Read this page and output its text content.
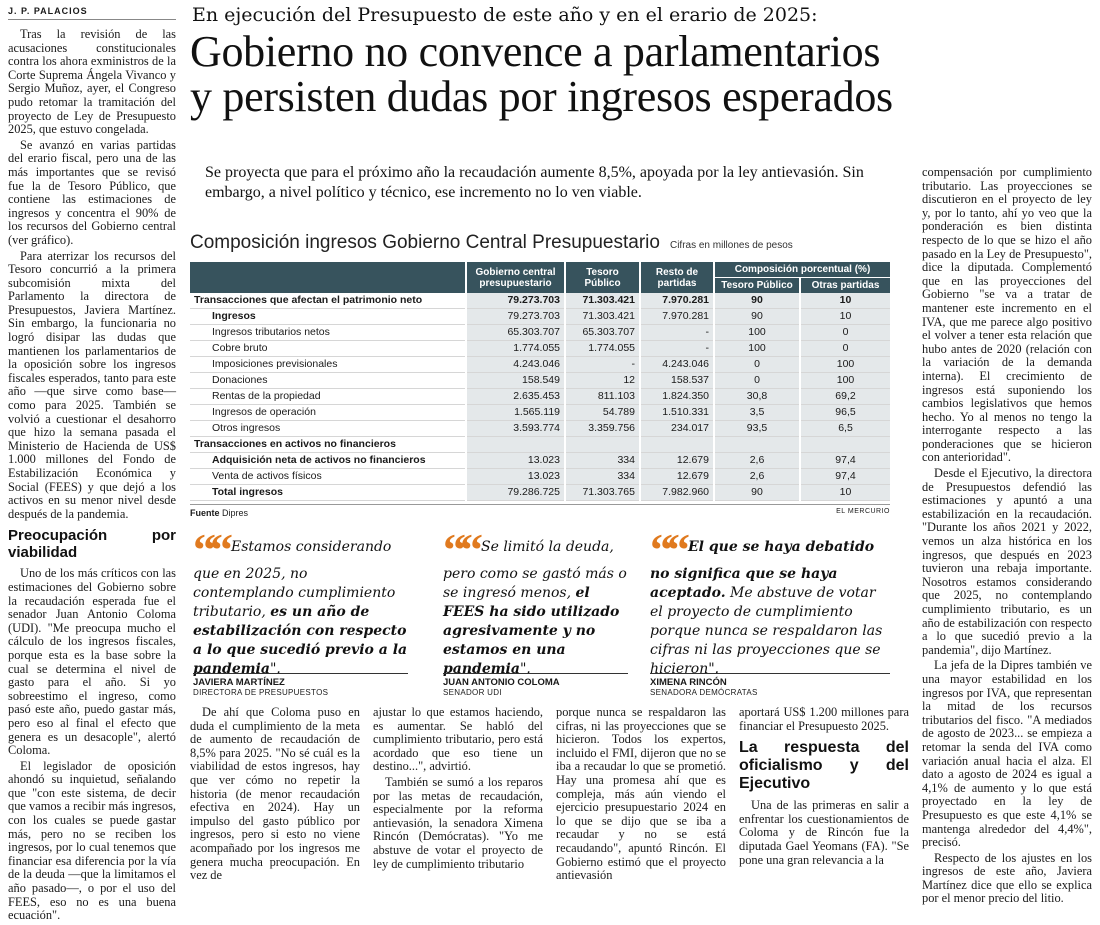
J. P. PALACIOS

Tras la revisión de las acusaciones constitucionales contra los ahora exministros de la Corte Suprema Ángela Vivanco y Sergio Muñoz, ayer, el Congreso pudo retomar la tramitación del proyecto de Ley de Presupuesto 2025, que estuvo congelada.

Se avanzó en varias partidas del erario fiscal, pero una de las más importantes que se revisó fue la de Tesoro Público, que contiene las estimaciones de ingresos y concentra el 90% de los recursos del Gobierno central (ver gráfico).

Para aterrizar los recursos del Tesoro concurrió a la primera subcomisión mixta del Parlamento la directora de Presupuestos, Javiera Martínez. Sin embargo, la funcionaria no logró disipar las dudas que mantienen los parlamentarios de la oposición sobre los ingresos fiscales esperados, tanto para este año —que sirve como base— como para 2025. También se volvió a cuestionar el desahorro que hizo la semana pasada el Ministerio de Hacienda de US$ 1.000 millones del Fondo de Estabilización Económica y Social (FEES) y que dejó a los activos en su menor nivel desde después de la pandemia.

Preocupación por viabilidad

Uno de los más críticos con las estimaciones del Gobierno sobre la recaudación esperada fue el senador Juan Antonio Coloma (UDI). "Me preocupa mucho el cálculo de los ingresos fiscales, porque esta es la base sobre la cual se determina el nivel de gasto para el año. Si yo sobreestimo el ingreso, como pasó este año, puedo gastar más, pero eso al final el efecto que genera es un desacople", alertó Coloma.

El legislador de oposición ahondó su inquietud, señalando que "con este sistema, de decir que vamos a recibir más ingresos, con los cuales se puede gastar más, pero no se reciben los ingresos, por lo cual tenemos que financiar esa diferencia por la vía de la deuda —que la limitamos el año pasado—, o por el uso del FEES, eso no es una buena ecuación".

En ejecución del Presupuesto de este año y en el erario de 2025:
Gobierno no convence a parlamentarios
y persisten dudas por ingresos esperados
Se proyecta que para el próximo año la recaudación aumente 8,5%, apoyada por la ley antievasión. Sin embargo, a nivel político y técnico, ese incremento no lo ven viable.
Composición ingresos Gobierno Central Presupuestario Cifras en millones de pesos
	Gobierno central presupuestario	Tesoro Público	Resto de partidas	Composición porcentual (%)	
				Tesoro Público	Otras partidas
Transacciones que afectan el patrimonio neto	79.273.703	71.303.421	7.970.281	90	10
Ingresos	79.273.703	71.303.421	7.970.281	90	10
Ingresos tributarios netos	65.303.707	65.303.707	-	100	0
Cobre bruto	1.774.055	1.774.055	-	100	0
Imposiciones previsionales	4.243.046	-	4.243.046	0	100
Donaciones	158.549	12	158.537	0	100
Rentas de la propiedad	2.635.453	811.103	1.824.350	30,8	69,2
Ingresos de operación	1.565.119	54.789	1.510.331	3,5	96,5
Otros ingresos	3.593.774	3.359.756	234.017	93,5	6,5
Transacciones en activos no financieros					
Adquisición neta de activos no financieros	13.023	334	12.679	2,6	97,4
Venta de activos físicos	13.023	334	12.679	2,6	97,4
Total ingresos	79.286.725	71.303.765	7.982.960	90	10
Fuente Dipres	EL MERCURIO
““ Estamos considerando que en 2025, no contemplando cumplimiento tributario, es un año de estabilización con respecto a lo que sucedió previo a la pandemia".
JAVIERA MARTÍNEZ
DIRECTORA DE PRESUPUESTOS
““ Se limitó la deuda, pero como se gastó más o se ingresó menos, el FEES ha sido utilizado agresivamente y no estamos en una pandemia".
JUAN ANTONIO COLOMA
SENADOR UDI
““ El que se haya debatido no significa que se haya aceptado. Me abstuve de votar el proyecto de cumplimiento porque nunca se respaldaron las cifras ni las proyecciones que se hicieron".
XIMENA RINCÓN
SENADORA DEMÓCRATAS

De ahí que Coloma puso en duda el cumplimiento de la meta de aumento de recaudación de 8,5% para 2025. "No sé cuál es la viabilidad de estos ingresos, hay que ver cómo no repetir la historia (de menor recaudación efectiva en 2024). Hay un impulso del gasto público por ingresos, pero si esto no viene acompañado por los ingresos me genera mucha preocupación. En vez de

ajustar lo que estamos haciendo, es aumentar. Se habló del cumplimiento tributario, pero está acordado que eso tiene un destino...", advirtió.

También se sumó a los reparos por las metas de recaudación, especialmente por la reforma antievasión, la senadora Ximena Rincón (Demócratas). "Yo me abstuve de votar el proyecto de ley de cumplimiento tributario

porque nunca se respaldaron las cifras, ni las proyecciones que se hicieron. Todos los expertos, incluido el FMI, dijeron que no se iba a recaudar lo que se prometió. Hay una promesa ahí que es compleja, más aún viendo el ejercicio presupuestario 2024 en lo que se dijo que se iba a recaudar y no se está recaudando", apuntó Rincón. El Gobierno estimó que el proyecto antievasión

aportará US$ 1.200 millones para financiar el Presupuesto 2025.

La respuesta del oficialismo y del Ejecutivo

Una de las primeras en salir a enfrentar los cuestionamientos de Coloma y de Rincón fue la diputada Gael Yeomans (FA). "Se pone una gran relevancia a la

compensación por cumplimiento tributario. Las proyecciones se discutieron en el proyecto de ley y, por lo tanto, ahí yo veo que la ponderación es bien distinta respecto de lo que se hizo el año pasado en la Ley de Presupuesto", dice la diputada. Complementó que en las proyecciones del Gobierno "se va a tratar de mantener este incremento en el IVA, que me parece algo positivo el volver a tener esta relación que hubo antes de 2020 (relación con la variación de la demanda interna). El crecimiento de ingresos está suponiendo los cambios legislativos que hemos hecho. Yo al menos no tengo la interrogante respecto a las ponderaciones que se hicieron con anterioridad".

Desde el Ejecutivo, la directora de Presupuestos defendió las estimaciones y apuntó a una estabilización en la recaudación. "Durante los años 2021 y 2022, vemos un alza histórica en los ingresos, que después en 2023 tuvieron una rebaja importante. Nosotros estamos considerando que 2025, no contemplando cumplimiento tributario, es un año de estabilización con respecto a lo que sucedió previo a la pandemia", dijo Martínez.

La jefa de la Dipres también ve una mayor estabilidad en los ingresos por IVA, que representan la mitad de los recursos tributarios del fisco. "A mediados de agosto de 2023... se empieza a retomar la senda del IVA como variación anual hacia el alza. El dato a agosto de 2024 es igual a 4,1% de aumento y lo que está proyectado en la ley de Presupuesto es que este 4,1% se mantenga alrededor del 4,4%", precisó.

Respecto de los ajustes en los ingresos de este año, Javiera Martínez dice que ello se explica por el menor precio del litio.
